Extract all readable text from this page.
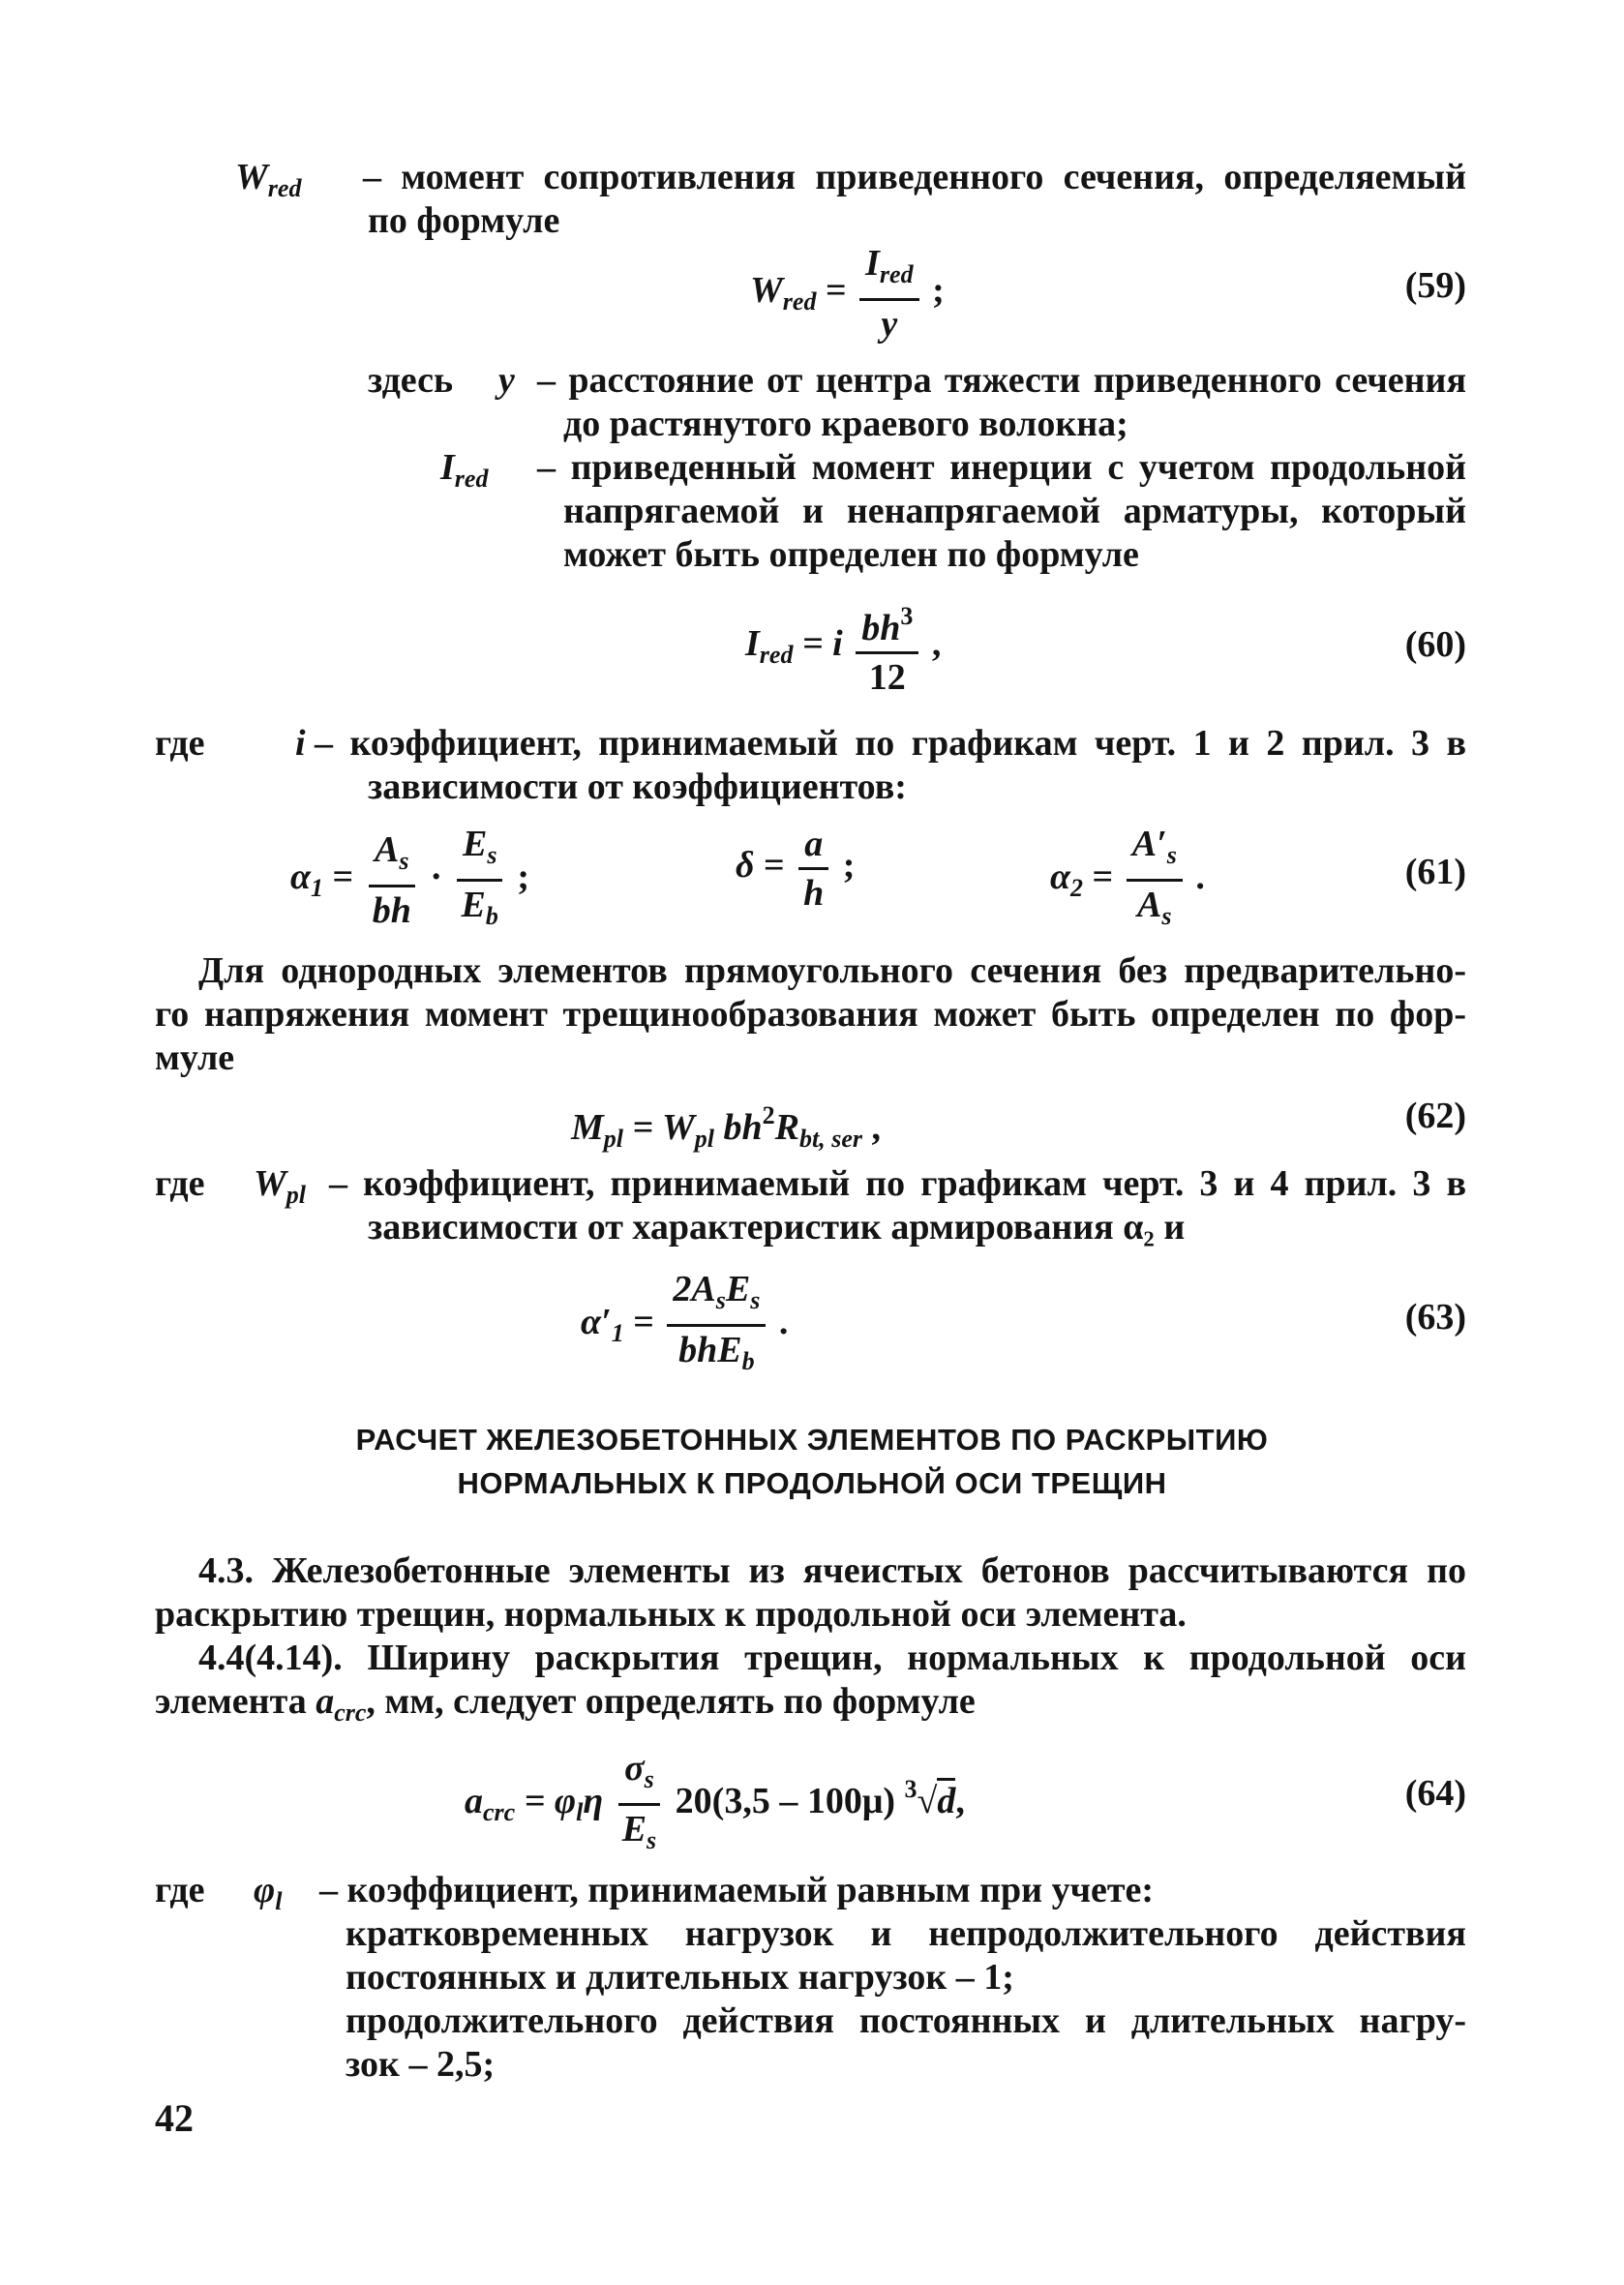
$W_{red}$ – момент сопротивления приведенного сечения, определяемый
по формуле
$W_{red} = \frac{I_{red}}{y}$ ;	(59)
здесь y – расстояние от центра тяжести приведенного сечения
до растянутого краевого волокна;
$I_{red}$ – приведенный момент инерции с учетом продольной
напрягаемой и ненапрягаемой арматуры, который
может быть определен по формуле
$I_{red} = i \frac{bh^3}{12}$ ,	(60)
где i – коэффициент, принимаемый по графикам черт. 1 и 2 прил. 3 в
зависимости от коэффициентов:
$\alpha_1 = \frac{A_s}{bh} \cdot \frac{E_s}{E_b}$ ;	$\delta = \frac{a}{h}$ ;	$\alpha_2 = \frac{A'_s}{A_s}$ .	(61)
Для однородных элементов прямоугольного сечения без предварительно-
го напряжения момент трещинообразования может быть определен по фор-
муле
$M_{pl} = W_{pl}$ $bh^2R_{bt, ser}$ ,	(62)
где $W_{pl}$ – коэффициент, принимаемый по графикам черт. 3 и 4 прил. 3 в
зависимости от характеристик армирования α₂ и
$\alpha'_1 = \frac{2A_sE_s}{bhE_b}$ .	(63)
РАСЧЕТ ЖЕЛЕЗОБЕТОННЫХ ЭЛЕМЕНТОВ ПО РАСКРЫТИЮ
НОРМАЛЬНЫХ К ПРОДОЛЬНОЙ ОСИ ТРЕЩИН
4.3. Железобетонные элементы из ячеистых бетонов рассчитываются по
раскрытию трещин, нормальных к продольной оси элемента.
4.4(4.14). Ширину раскрытия трещин, нормальных к продольной оси
элемента $a_{crc}$, мм, следует определять по формуле
$a_{crc} = \varphi_l\eta \frac{\sigma_s}{E_s} 20(3,5 - 100\mu)$ $^3$√d,	(64)
где $\varphi_l$ – коэффициент, принимаемый равным при учете:
кратковременных нагрузок и непродолжительного действия
постоянных и длительных нагрузок – 1;
продолжительного действия постоянных и длительных нагру-
зок – 2,5;
42
